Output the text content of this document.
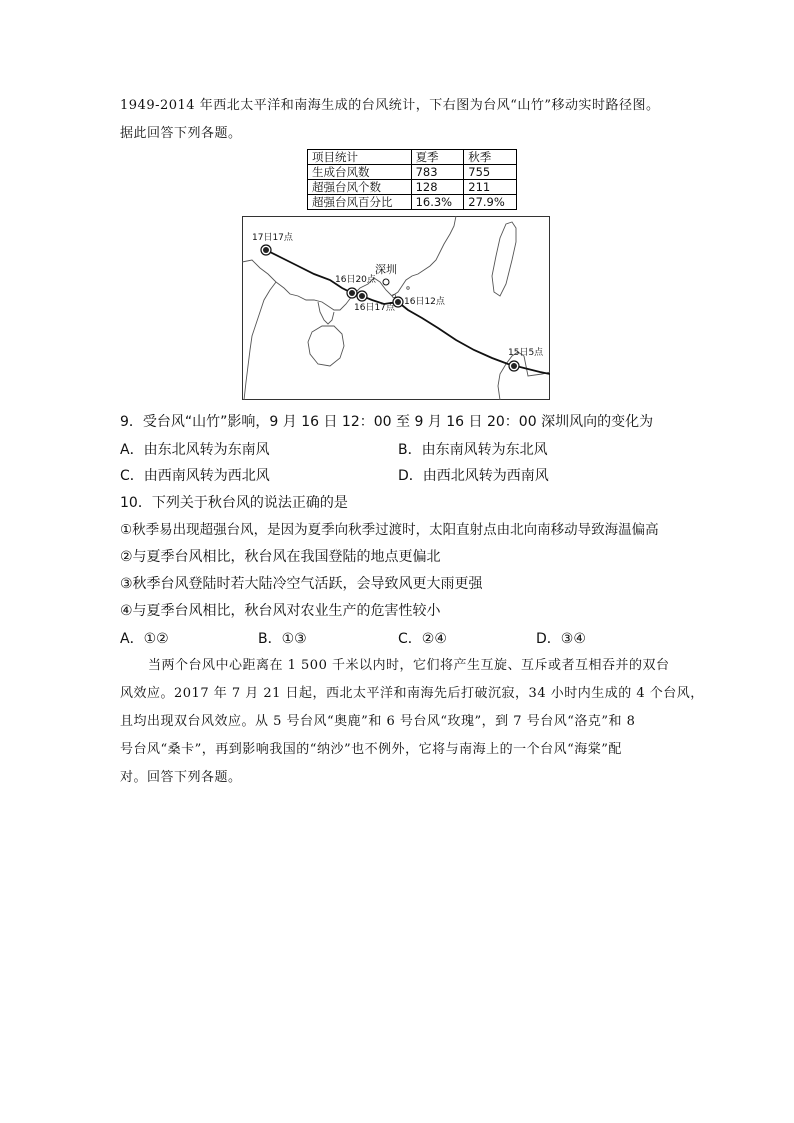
1949-2014 年西北太平洋和南海生成的台风统计，下右图为台风“山竹”移动实时路径图。
据此回答下列各题。
项目统计	夏季	秋季
生成台风数	783	755
超强台风个数	128	211
超强台风百分比	16.3%	27.9%
17日17点
16日20点
16日17点
16日12点
15日5点
深圳
9．受台风“山竹”影响，9 月 16 日 12：00 至 9 月 16 日 20：00 深圳风向的变化为
A．由东北风转为东南风	B．由东南风转为东北风
C．由西南风转为西北风	D．由西北风转为西南风
10．下列关于秋台风的说法正确的是
①秋季易出现超强台风，是因为夏季向秋季过渡时，太阳直射点由北向南移动导致海温偏高
②与夏季台风相比，秋台风在我国登陆的地点更偏北
③秋季台风登陆时若大陆冷空气活跃，会导致风更大雨更强
④与夏季台风相比，秋台风对农业生产的危害性较小
A．①②	B．①③	C．②④	D．③④
当两个台风中心距离在 1 500 千米以内时，它们将产生互旋、互斥或者互相吞并的双台
风效应。2017 年 7 月 21 日起，西北太平洋和南海先后打破沉寂，34 小时内生成的 4 个台风，
且均出现双台风效应。从 5 号台风“奥鹿”和 6 号台风“玫瑰”，到 7 号台风“洛克”和 8
号台风“桑卡”，再到影响我国的“纳沙”也不例外，它将与南海上的一个台风“海棠”配
对。回答下列各题。
